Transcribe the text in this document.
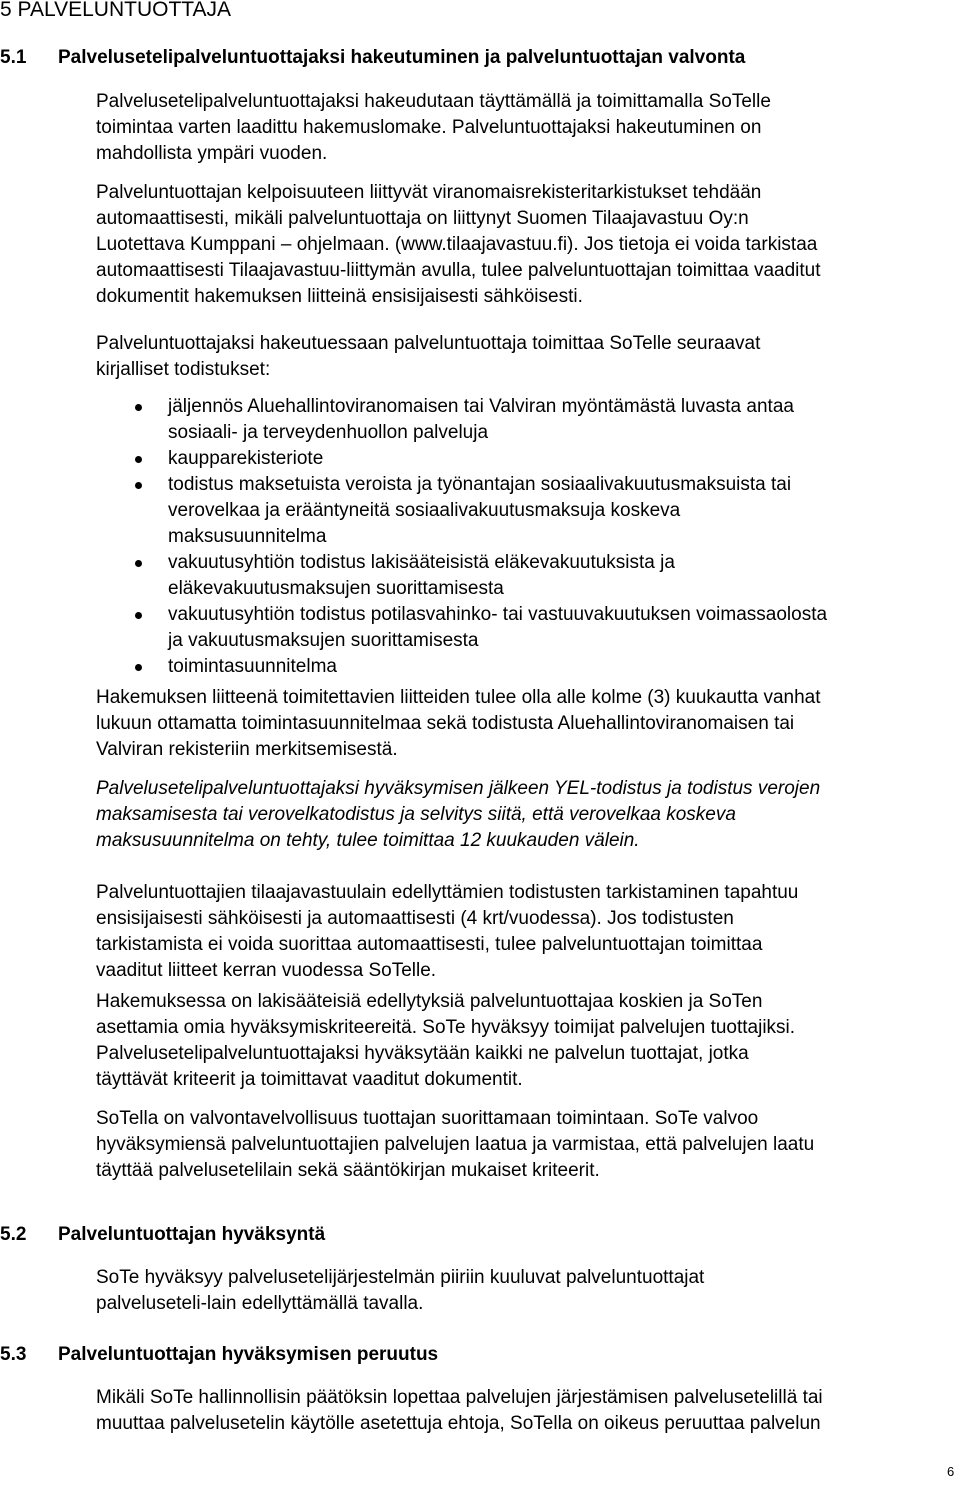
5 PALVELUNTUOTTAJA
5.1 Palvelusetelipalveluntuottajaksi hakeutuminen ja palveluntuottajan valvonta
Palvelusetelipalveluntuottajaksi hakeudutaan täyttämällä ja toimittamalla SoTelle
toimintaa varten laadittu hakemuslomake. Palveluntuottajaksi hakeutuminen on
mahdollista ympäri vuoden.
Palveluntuottajan kelpoisuuteen liittyvät viranomaisrekisteritarkistukset tehdään
automaattisesti, mikäli palveluntuottaja on liittynyt Suomen Tilaajavastuu Oy:n
Luotettava Kumppani – ohjelmaan. (www.tilaajavastuu.fi). Jos tietoja ei voida tarkistaa
automaattisesti Tilaajavastuu-liittymän avulla, tulee palveluntuottajan toimittaa vaaditut
dokumentit hakemuksen liitteinä ensisijaisesti sähköisesti.
Palveluntuottajaksi hakeutuessaan palveluntuottaja toimittaa SoTelle seuraavat
kirjalliset todistukset:
jäljennös Aluehallintoviranomaisen tai Valviran myöntämästä luvasta antaa
sosiaali- ja terveydenhuollon palveluja
kaupparekisteriote
todistus maksetuista veroista ja työnantajan sosiaalivakuutusmaksuista tai
verovelkaa ja erääntyneitä sosiaalivakuutusmaksuja koskeva
maksusuunnitelma
vakuutusyhtiön todistus lakisääteisistä eläkevakuutuksista ja
eläkevakuutusmaksujen suorittamisesta
vakuutusyhtiön todistus potilasvahinko- tai vastuuvakuutuksen voimassaolosta
ja vakuutusmaksujen suorittamisesta
toimintasuunnitelma
Hakemuksen liitteenä toimitettavien liitteiden tulee olla alle kolme (3) kuukautta vanhat
lukuun ottamatta toimintasuunnitelmaa sekä todistusta Aluehallintoviranomaisen tai
Valviran rekisteriin merkitsemisestä.
Palvelusetelipalveluntuottajaksi hyväksymisen jälkeen YEL-todistus ja todistus verojen
maksamisesta tai verovelkatodistus ja selvitys siitä, että verovelkaa koskeva
maksusuunnitelma on tehty, tulee toimittaa 12 kuukauden välein.
Palveluntuottajien tilaajavastuulain edellyttämien todistusten tarkistaminen tapahtuu
ensisijaisesti sähköisesti ja automaattisesti (4 krt/vuodessa). Jos todistusten
tarkistamista ei voida suorittaa automaattisesti, tulee palveluntuottajan toimittaa
vaaditut liitteet kerran vuodessa SoTelle.
Hakemuksessa on lakisääteisiä edellytyksiä palveluntuottajaa koskien ja SoTen
asettamia omia hyväksymiskriteereitä. SoTe hyväksyy toimijat palvelujen tuottajiksi.
Palvelusetelipalveluntuottajaksi hyväksytään kaikki ne palvelun tuottajat, jotka
täyttävät kriteerit ja toimittavat vaaditut dokumentit.
SoTella on valvontavelvollisuus tuottajan suorittamaan toimintaan. SoTe valvoo
hyväksymiensä palveluntuottajien palvelujen laatua ja varmistaa, että palvelujen laatu
täyttää palvelusetelilain sekä sääntökirjan mukaiset kriteerit.
5.2 Palveluntuottajan hyväksyntä
SoTe hyväksyy palvelusetelijärjestelmän piiriin kuuluvat palveluntuottajat
palveluseteli-lain edellyttämällä tavalla.
5.3 Palveluntuottajan hyväksymisen peruutus
Mikäli SoTe hallinnollisin päätöksin lopettaa palvelujen järjestämisen palvelusetelillä tai
muuttaa palvelusetelin käytölle asetettuja ehtoja, SoTella on oikeus peruuttaa palvelun
6
